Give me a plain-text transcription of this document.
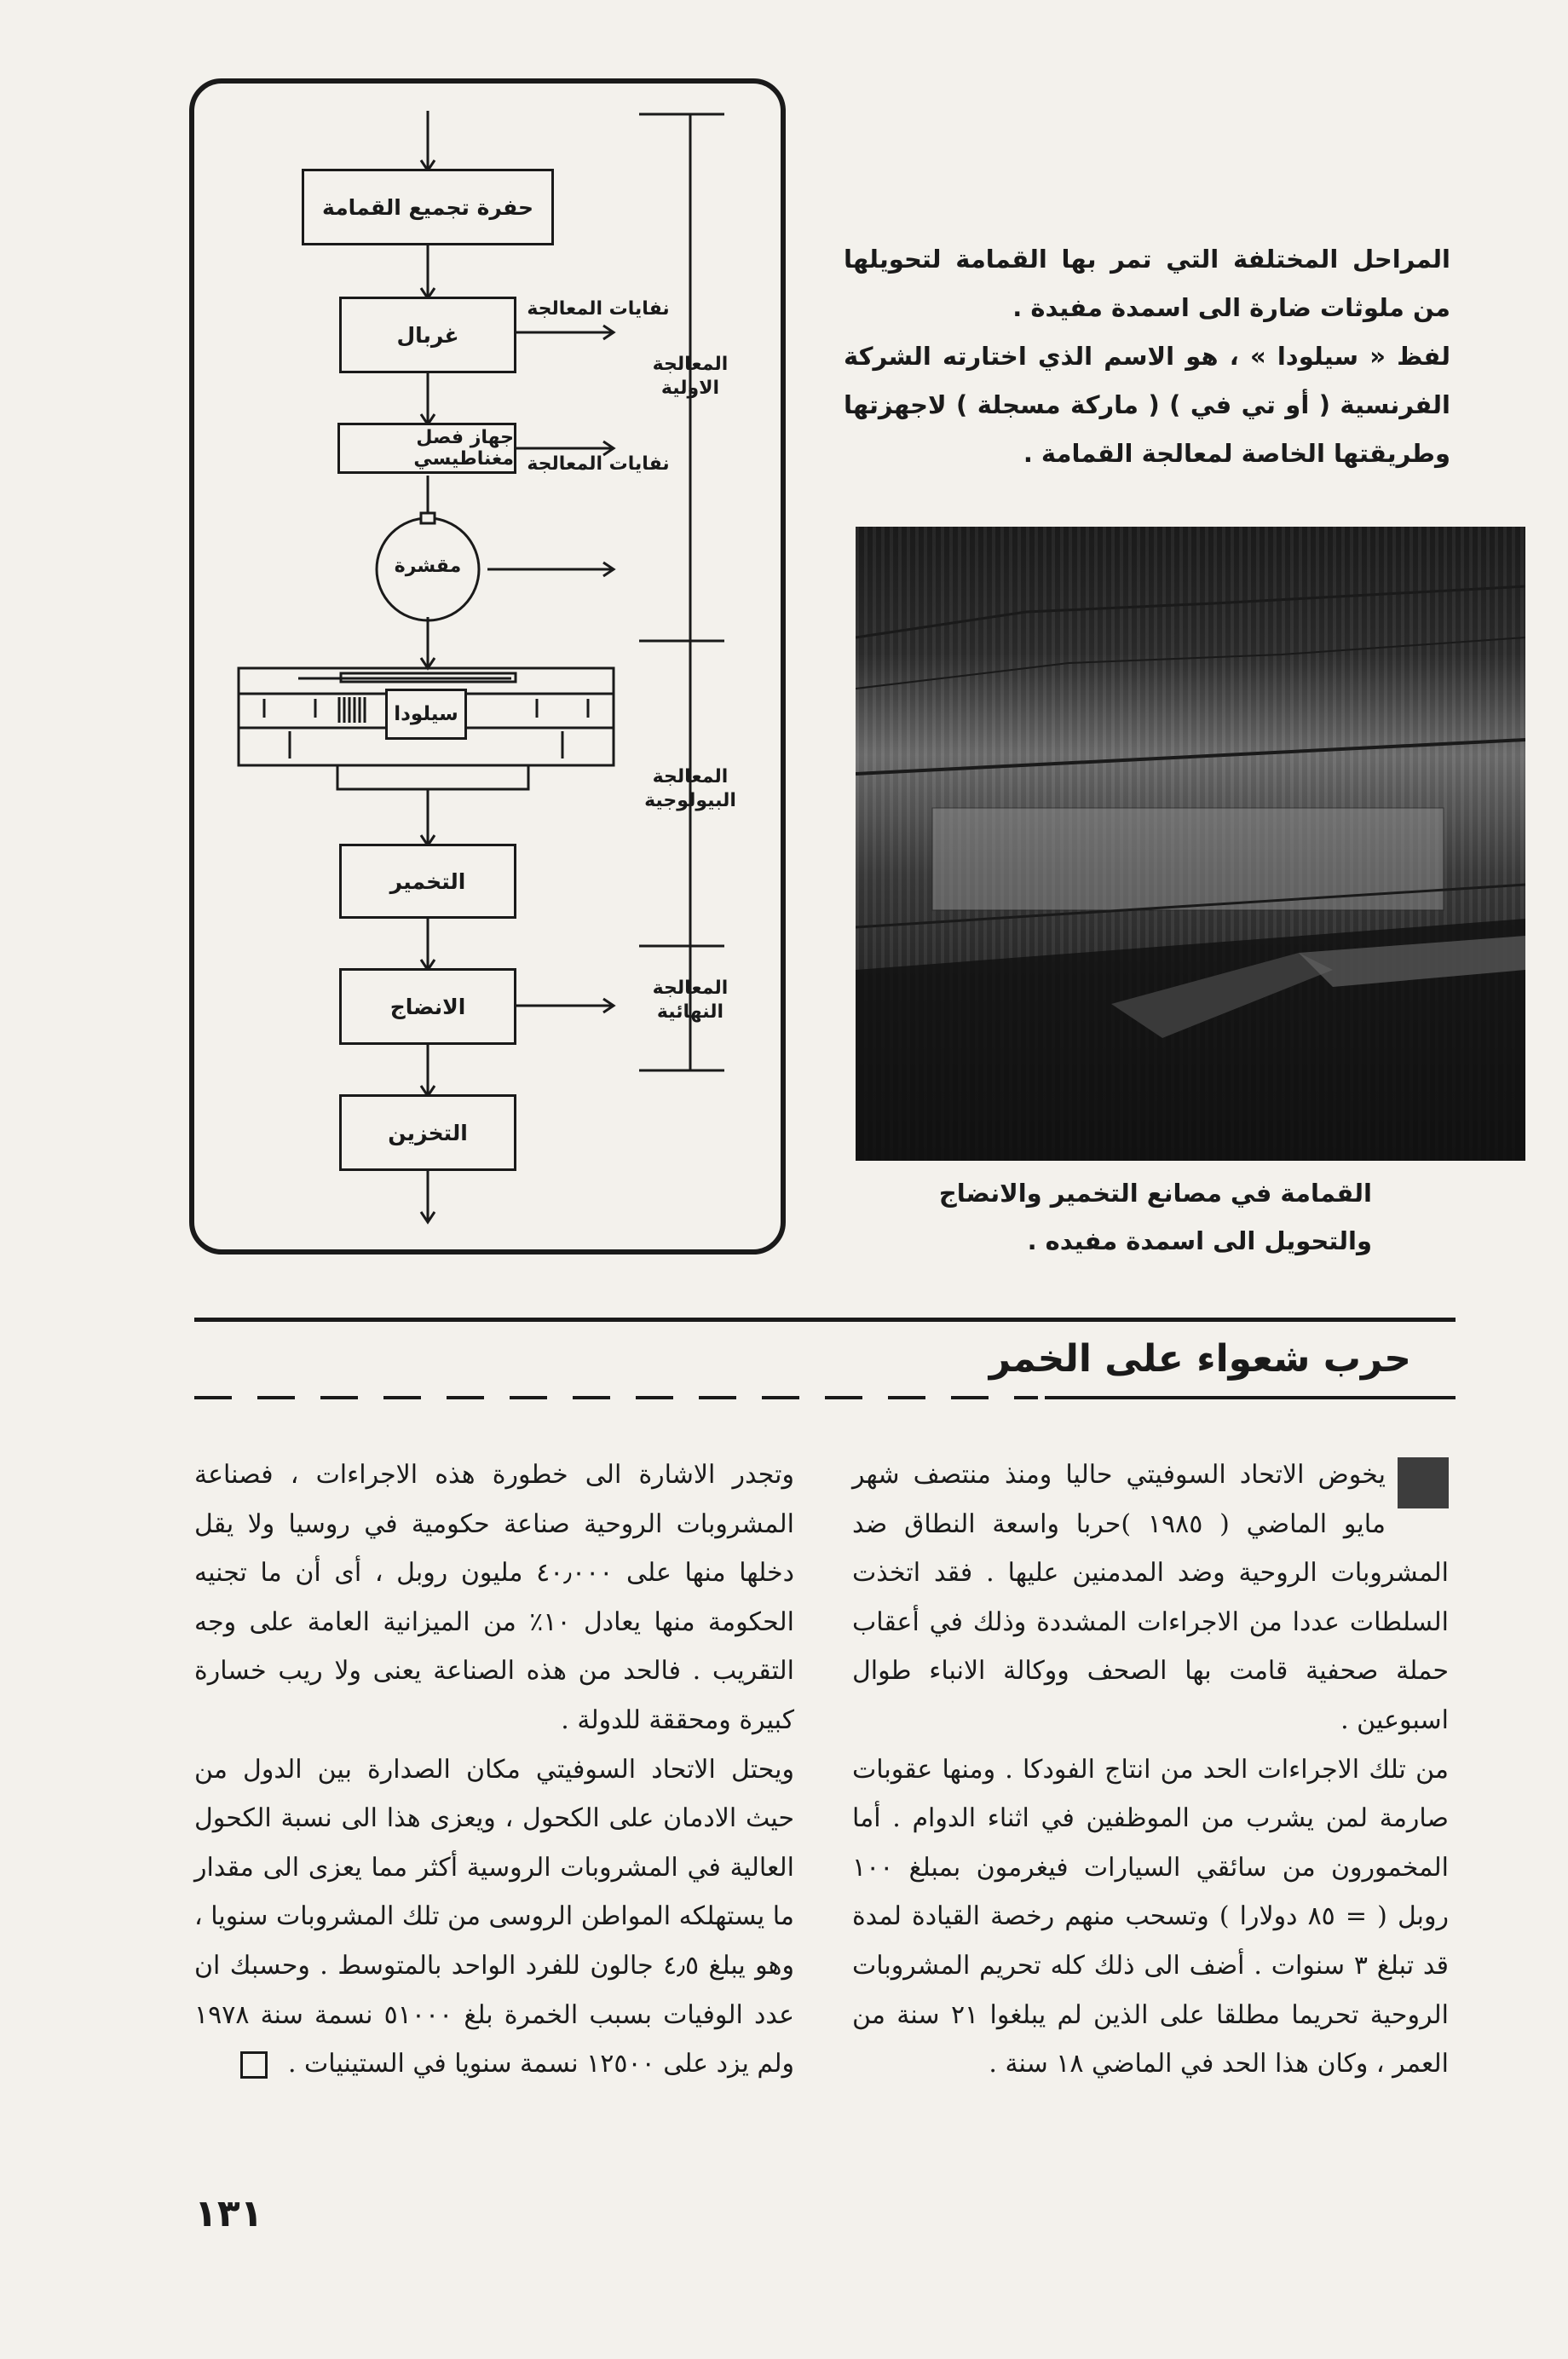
حفرة تجميع القمامة
غربال
جهاز فصل مغناطيسي
مقشرة
سيلودا
التخمير
الانضاج
التخزين
نفايات المعالجة
نفايات المعالجة
المعالجة الاولية
المعالجة البيولوجية
المعالجة النهائية

المراحل المختلفة التي تمر بها القمامة لتحويلها من ملوثات ضارة الى اسمدة مفيدة .

لفظ « سيلودا » ، هو الاسم الذي اختارته الشركة الفرنسية ( أو تي في ) ( ماركة مسجلة ) لاجهزتها وطريقتها الخاصة لمعالجة القمامة .

القمامة في مصانع التخمير والانضاج والتحويل الى اسمدة مفيده .
حرب شعواء على الخمر

يخوض الاتحاد السوفيتي حاليا ومنذ منتصف شهر مايو الماضي ( ١٩٨٥ )حربا واسعة النطاق ضد المشروبات الروحية وضد المدمنين عليها . فقد اتخذت السلطات عددا من الاجراءات المشددة وذلك في أعقاب حملة صحفية قامت بها الصحف ووكالة الانباء طوال اسبوعين .

من تلك الاجراءات الحد من انتاج الفودكا . ومنها عقوبات صارمة لمن يشرب من الموظفين في اثناء الدوام . أما المخمورون من سائقي السيارات فيغرمون بمبلغ ١٠٠ روبل ( = ٨٥ دولارا ) وتسحب منهم رخصة القيادة لمدة قد تبلغ ٣ سنوات . أضف الى ذلك كله تحريم المشروبات الروحية تحريما مطلقا على الذين لم يبلغوا ٢١ سنة من العمر ، وكان هذا الحد في الماضي ١٨ سنة .

وتجدر الاشارة الى خطورة هذه الاجراءات ، فصناعة المشروبات الروحية صناعة حكومية في روسيا ولا يقل دخلها منها على ٤٠٫٠٠٠ مليون روبل ، أى أن ما تجنيه الحكومة منها يعادل ١٠٪ من الميزانية العامة على وجه التقريب . فالحد من هذه الصناعة يعنى ولا ريب خسارة كبيرة ومحققة للدولة .

ويحتل الاتحاد السوفيتي مكان الصدارة بين الدول من حيث الادمان على الكحول ، ويعزى هذا الى نسبة الكحول العالية في المشروبات الروسية أكثر مما يعزى الى مقدار ما يستهلكه المواطن الروسى من تلك المشروبات سنويا ، وهو يبلغ ٤٫٥ جالون للفرد الواحد بالمتوسط . وحسبك ان عدد الوفيات بسبب الخمرة بلغ ٥١٠٠٠ نسمة سنة ١٩٧٨ ولم يزد على ١٢٥٠٠ نسمة سنويا في الستينيات .

١٣١
